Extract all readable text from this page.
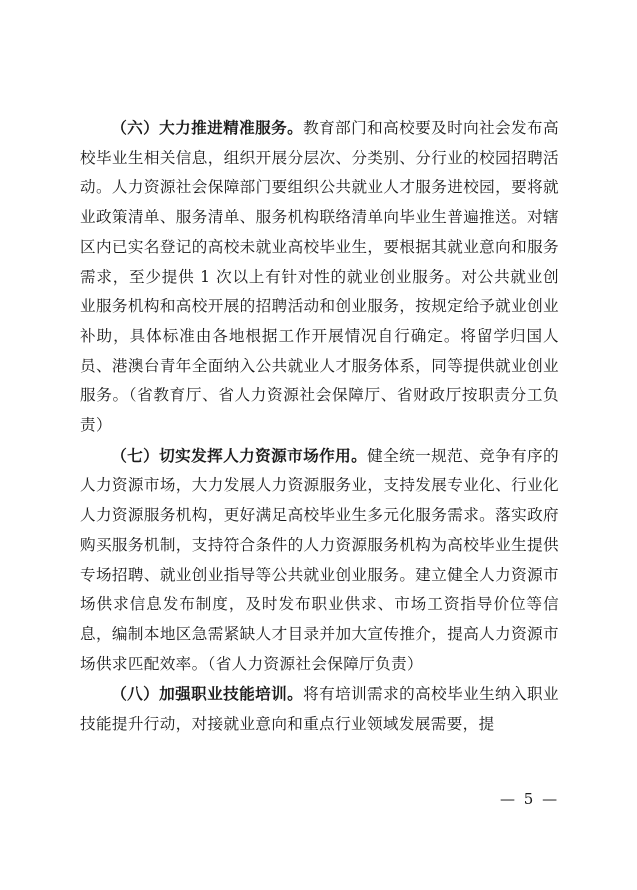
（六）大力推进精准服务。教育部门和高校要及时向社会发布高校毕业生相关信息，组织开展分层次、分类别、分行业的校园招聘活动。人力资源社会保障部门要组织公共就业人才服务进校园，要将就业政策清单、服务清单、服务机构联络清单向毕业生普遍推送。对辖区内已实名登记的高校未就业高校毕业生，要根据其就业意向和服务需求，至少提供 1 次以上有针对性的就业创业服务。对公共就业创业服务机构和高校开展的招聘活动和创业服务，按规定给予就业创业补助，具体标准由各地根据工作开展情况自行确定。将留学归国人员、港澳台青年全面纳入公共就业人才服务体系，同等提供就业创业服务。（省教育厅、省人力资源社会保障厅、省财政厅按职责分工负责）

（七）切实发挥人力资源市场作用。健全统一规范、竞争有序的人力资源市场，大力发展人力资源服务业，支持发展专业化、行业化人力资源服务机构，更好满足高校毕业生多元化服务需求。落实政府购买服务机制，支持符合条件的人力资源服务机构为高校毕业生提供专场招聘、就业创业指导等公共就业创业服务。建立健全人力资源市场供求信息发布制度，及时发布职业供求、市场工资指导价位等信息，编制本地区急需紧缺人才目录并加大宣传推介，提高人力资源市场供求匹配效率。（省人力资源社会保障厅负责）

（八）加强职业技能培训。将有培训需求的高校毕业生纳入职业技能提升行动，对接就业意向和重点行业领域发展需要，提

— 5 —
